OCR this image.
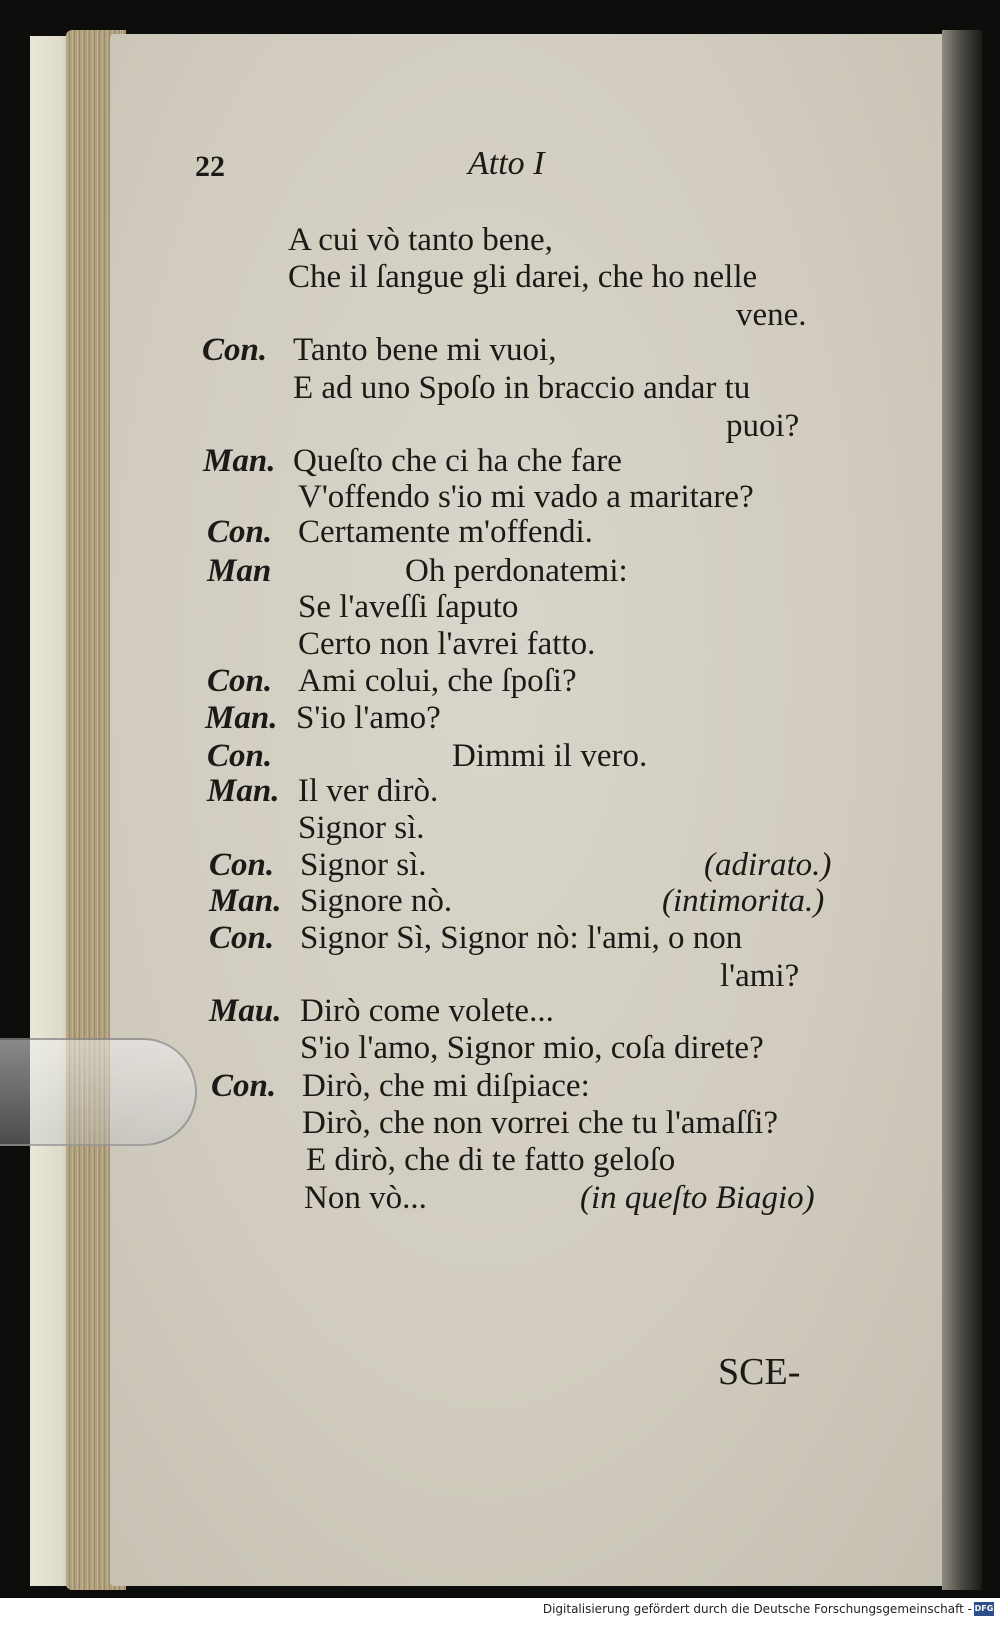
22	Atto I
A cui vò tanto bene,
Che il ſangue gli darei, che ho nelle
vene.
Con. Tanto bene mi vuoi,
E ad uno Spoſo in braccio andar tu
puoi?
Man. Queſto che ci ha che fare
V'offendo s'io mi vado a maritare?
Con. Certamente m'offendi.
Man	Oh perdonatemi:
Se l'aveſſi ſaputo
Certo non l'avrei fatto.
Con. Ami colui, che ſpoſi?
Man. S'io l'amo?
Con.	Dimmi il vero.
Man. Il ver dirò.
Signor sì.
Con. Signor sì.	(adirato.)
Man. Signore nò.	(intimorita.)
Con. Signor Sì, Signor nò: l'ami, o non
l'ami?
Mau. Dirò come volete...
S'io l'amo, Signor mio, coſa direte?
Con. Dirò, che mi diſpiace:
Dirò, che non vorrei che tu l'amaſſi?
E dirò, che di te fatto geloſo
Non vò...	(in queſto Biagio)
SCE-
Digitalisierung gefördert durch die Deutsche Forschungsgemeinschaft - DFG
